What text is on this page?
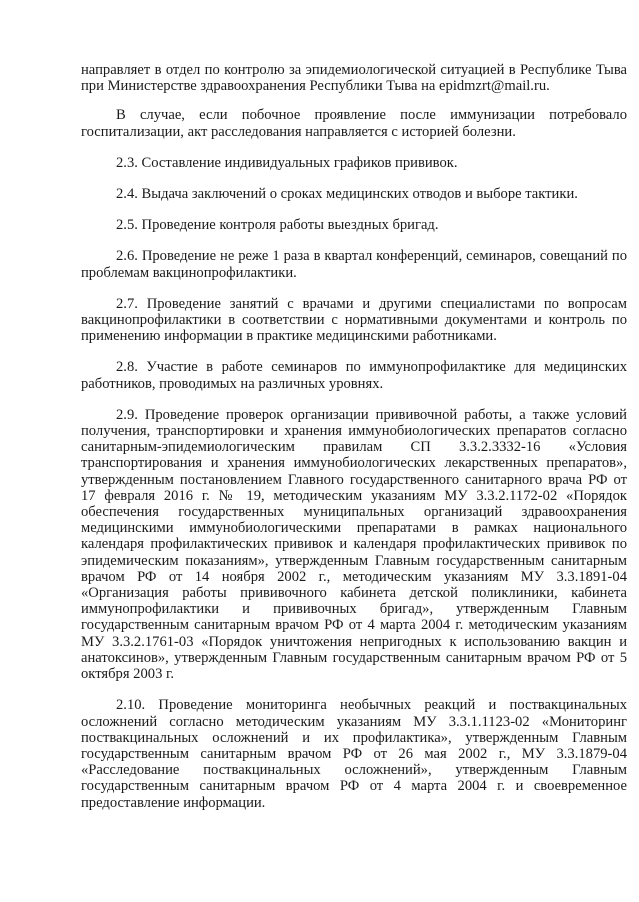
направляет в отдел по контролю за эпидемиологической ситуацией в Республике Тыва при Министерстве здравоохранения Республики Тыва на epidmzrt@mail.ru.

В случае, если побочное проявление после иммунизации потребовало госпитализации, акт расследования направляется с историей болезни.

2.3. Составление индивидуальных графиков прививок.

2.4. Выдача заключений о сроках медицинских отводов и выборе тактики.

2.5. Проведение контроля работы выездных бригад.

2.6. Проведение не реже 1 раза в квартал конференций, семинаров, совещаний по проблемам вакцинопрофилактики.

2.7. Проведение занятий с врачами и другими специалистами по вопросам вакцинопрофилактики в соответствии с нормативными документами и контроль по применению информации в практике медицинскими работниками.

2.8. Участие в работе семинаров по иммунопрофилактике для медицинских работников, проводимых на различных уровнях.

2.9. Проведение проверок организации прививочной работы, а также условий получения, транспортировки и хранения иммунобиологических препаратов согласно санитарным-эпидемиологическим правилам СП 3.3.2.3332-16 «Условия транспортирования и хранения иммунобиологических лекарственных препаратов», утвержденным постановлением Главного государственного санитарного врача РФ от 17 февраля 2016 г. № 19, методическим указаниям МУ 3.3.2.1172-02 «Порядок обеспечения государственных муниципальных организаций здравоохранения медицинскими иммунобиологическими препаратами в рамках национального календаря профилактических прививок и календаря профилактических прививок по эпидемическим показаниям», утвержденным Главным государственным санитарным врачом РФ от 14 ноября 2002 г., методическим указаниям МУ 3.3.1891-04 «Организация работы прививочного кабинета детской поликлиники, кабинета иммунопрофилактики и прививочных бригад», утвержденным Главным государственным санитарным врачом РФ от 4 марта 2004 г. методическим указаниям МУ 3.3.2.1761-03 «Порядок уничтожения непригодных к использованию вакцин и анатоксинов», утвержденным Главным государственным санитарным врачом РФ от 5 октября 2003 г.

2.10. Проведение мониторинга необычных реакций и поствакцинальных осложнений согласно методическим указаниям МУ 3.3.1.1123-02 «Мониторинг поствакцинальных осложнений и их профилактика», утвержденным Главным государственным санитарным врачом РФ от 26 мая 2002 г., МУ 3.3.1879-04 «Расследование поствакцинальных осложнений», утвержденным Главным государственным санитарным врачом РФ от 4 марта 2004 г. и своевременное предоставление информации.
